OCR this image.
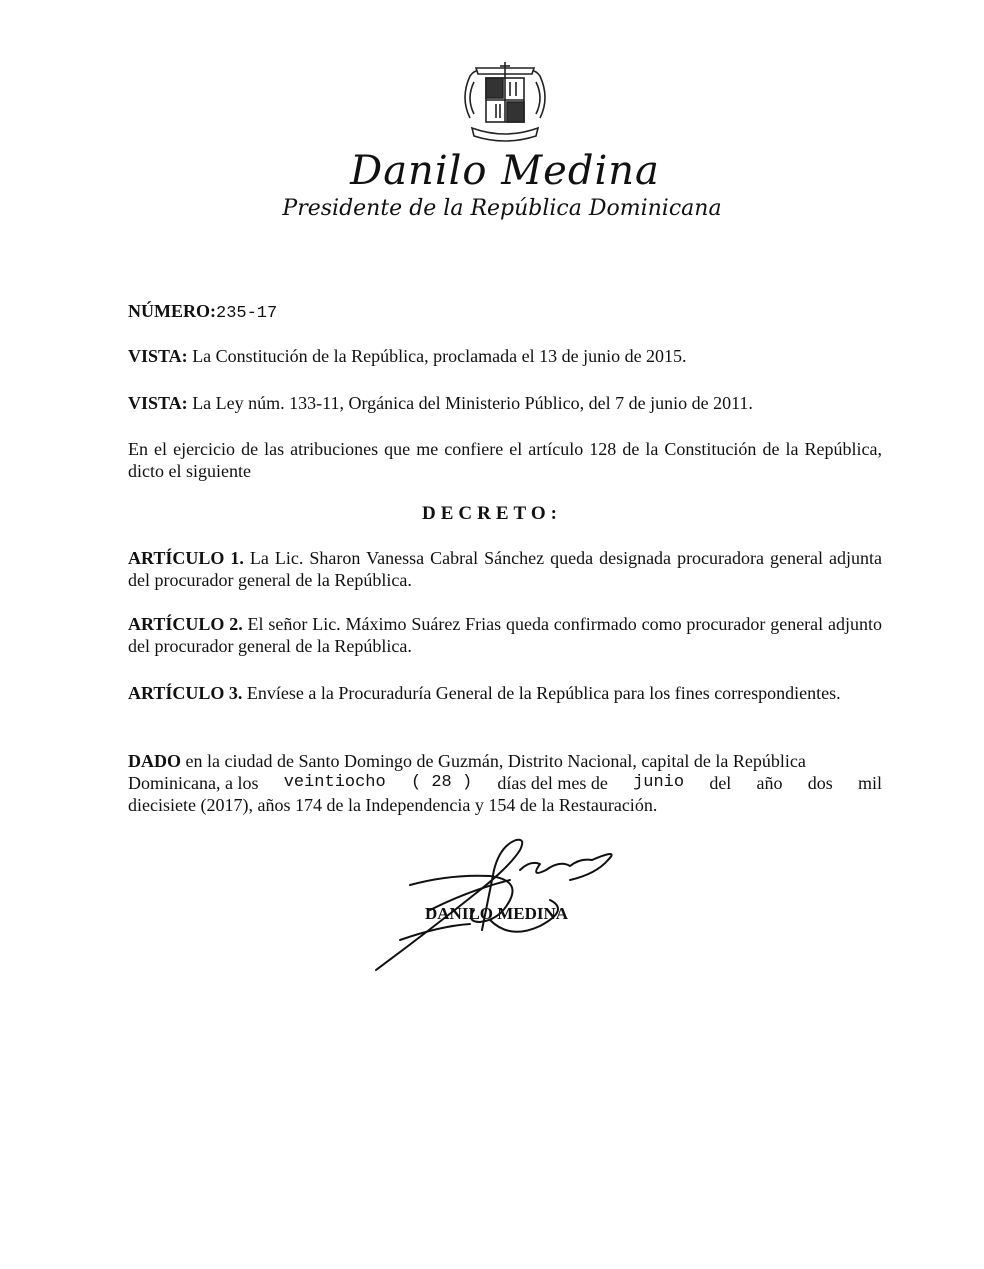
Danilo Medina
Presidente de la República Dominicana
NÚMERO:235-17
VISTA: La Constitución de la República, proclamada el 13 de junio de 2015.
VISTA: La Ley núm. 133-11, Orgánica del Ministerio Público, del 7 de junio de 2011.
En el ejercicio de las atribuciones que me confiere el artículo 128 de la Constitución de la República, dicto el siguiente
DECRETO:
ARTÍCULO 1. La Lic. Sharon Vanessa Cabral Sánchez queda designada procuradora general adjunta del procurador general de la República.
ARTÍCULO 2. El señor Lic. Máximo Suárez Frias queda confirmado como procurador general adjunto del procurador general de la República.
ARTÍCULO 3. Envíese a la Procuraduría General de la República para los fines correspondientes.
DADO en la ciudad de Santo Domingo de Guzmán, Distrito Nacional, capital de la República
Dominicana, a los veintiocho ( 28 ) días del mes de junio del año dos mil
diecisiete (2017), años 174 de la Independencia y 154 de la Restauración.
DANILO MEDINA
